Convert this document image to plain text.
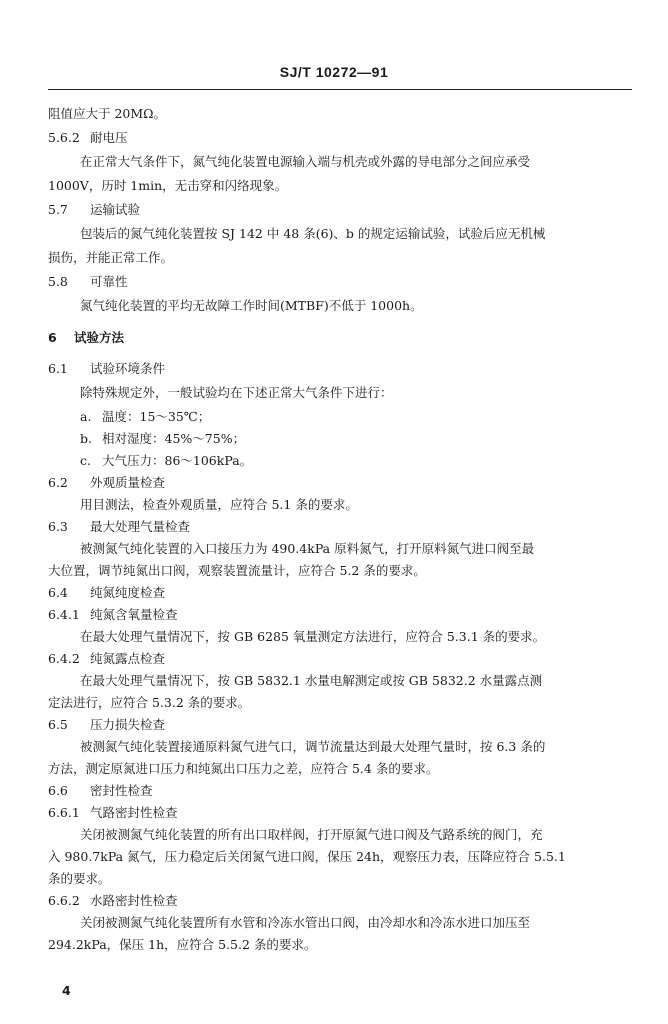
SJ/T 10272—91
阻值应大于 20MΩ。
5.6.2 耐电压
在正常大气条件下，氮气纯化装置电源输入端与机壳或外露的导电部分之间应承受
1000V，历时 1min，无击穿和闪络现象。
5.7 运输试验
包装后的氮气纯化装置按 SJ 142 中 48 条(6)、b 的规定运输试验，试验后应无机械
损伤，并能正常工作。
5.8 可靠性
氮气纯化装置的平均无故障工作时间(MTBF)不低于 1000h。
6 试验方法
6.1 试验环境条件
除特殊规定外，一般试验均在下述正常大气条件下进行：
a. 温度：15～35℃；
b. 相对湿度：45%～75%；
c. 大气压力：86～106kPa。
6.2 外观质量检查
用目测法，检查外观质量，应符合 5.1 条的要求。
6.3 最大处理气量检查
被测氮气纯化装置的入口接压力为 490.4kPa 原料氮气，打开原料氮气进口阀至最
大位置，调节纯氮出口阀，观察装置流量计，应符合 5.2 条的要求。
6.4 纯氮纯度检查
6.4.1 纯氮含氧量检查
在最大处理气量情况下，按 GB 6285 氧量测定方法进行，应符合 5.3.1 条的要求。
6.4.2 纯氮露点检查
在最大处理气量情况下，按 GB 5832.1 水量电解测定或按 GB 5832.2 水量露点测
定法进行，应符合 5.3.2 条的要求。
6.5 压力损失检查
被测氮气纯化装置接通原料氮气进气口，调节流量达到最大处理气量时，按 6.3 条的
方法，测定原氮进口压力和纯氮出口压力之差，应符合 5.4 条的要求。
6.6 密封性检查
6.6.1 气路密封性检查
关闭被测氮气纯化装置的所有出口取样阀，打开原氮气进口阀及气路系统的阀门，充
入 980.7kPa 氮气，压力稳定后关闭氮气进口阀，保压 24h，观察压力表，压降应符合 5.5.1
条的要求。
6.6.2 水路密封性检查
关闭被测氮气纯化装置所有水管和冷冻水管出口阀，由冷却水和冷冻水进口加压至
294.2kPa，保压 1h，应符合 5.5.2 条的要求。
4
